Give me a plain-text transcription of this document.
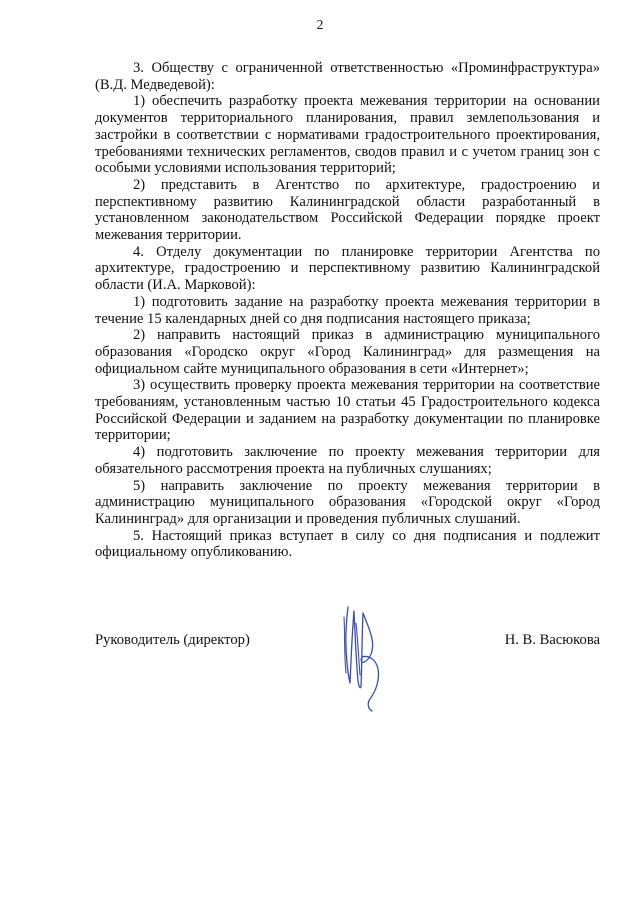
2

3. Обществу с ограниченной ответственностью «Проминфраструктура» (В.Д. Медведевой):

1) обеспечить разработку проекта межевания территории на основании документов территориального планирования, правил землепользования и застройки в соответствии с нормативами градостроительного проектирования, требованиями технических регламентов, сводов правил и с учетом границ зон с особыми условиями использования территорий;

2) представить в Агентство по архитектуре, градостроению и перспективному развитию Калининградской области разработанный в установленном законодательством Российской Федерации порядке проект межевания территории.

4. Отделу документации по планировке территории Агентства по архитектуре, градостроению и перспективному развитию Калининградской области (И.А. Марковой):

1) подготовить задание на разработку проекта межевания территории в течение 15 календарных дней со дня подписания настоящего приказа;

2) направить настоящий приказ в администрацию муниципального образования «Городско округ «Город Калининград» для размещения на официальном сайте муниципального образования в сети «Интернет»;

3) осуществить проверку проекта межевания территории на соответствие требованиям, установленным частью 10 статьи 45 Градостроительного кодекса Российской Федерации и заданием на разработку документации по планировке территории;

4) подготовить заключение по проекту межевания территории для обязательного рассмотрения проекта на публичных слушаниях;

5) направить заключение по проекту межевания территории в администрацию муниципального образования «Городской округ «Город Калининград» для организации и проведения публичных слушаний.

5. Настоящий приказ вступает в силу со дня подписания и подлежит официальному опубликованию.

Руководитель (директор)	Н. В. Васюкова
